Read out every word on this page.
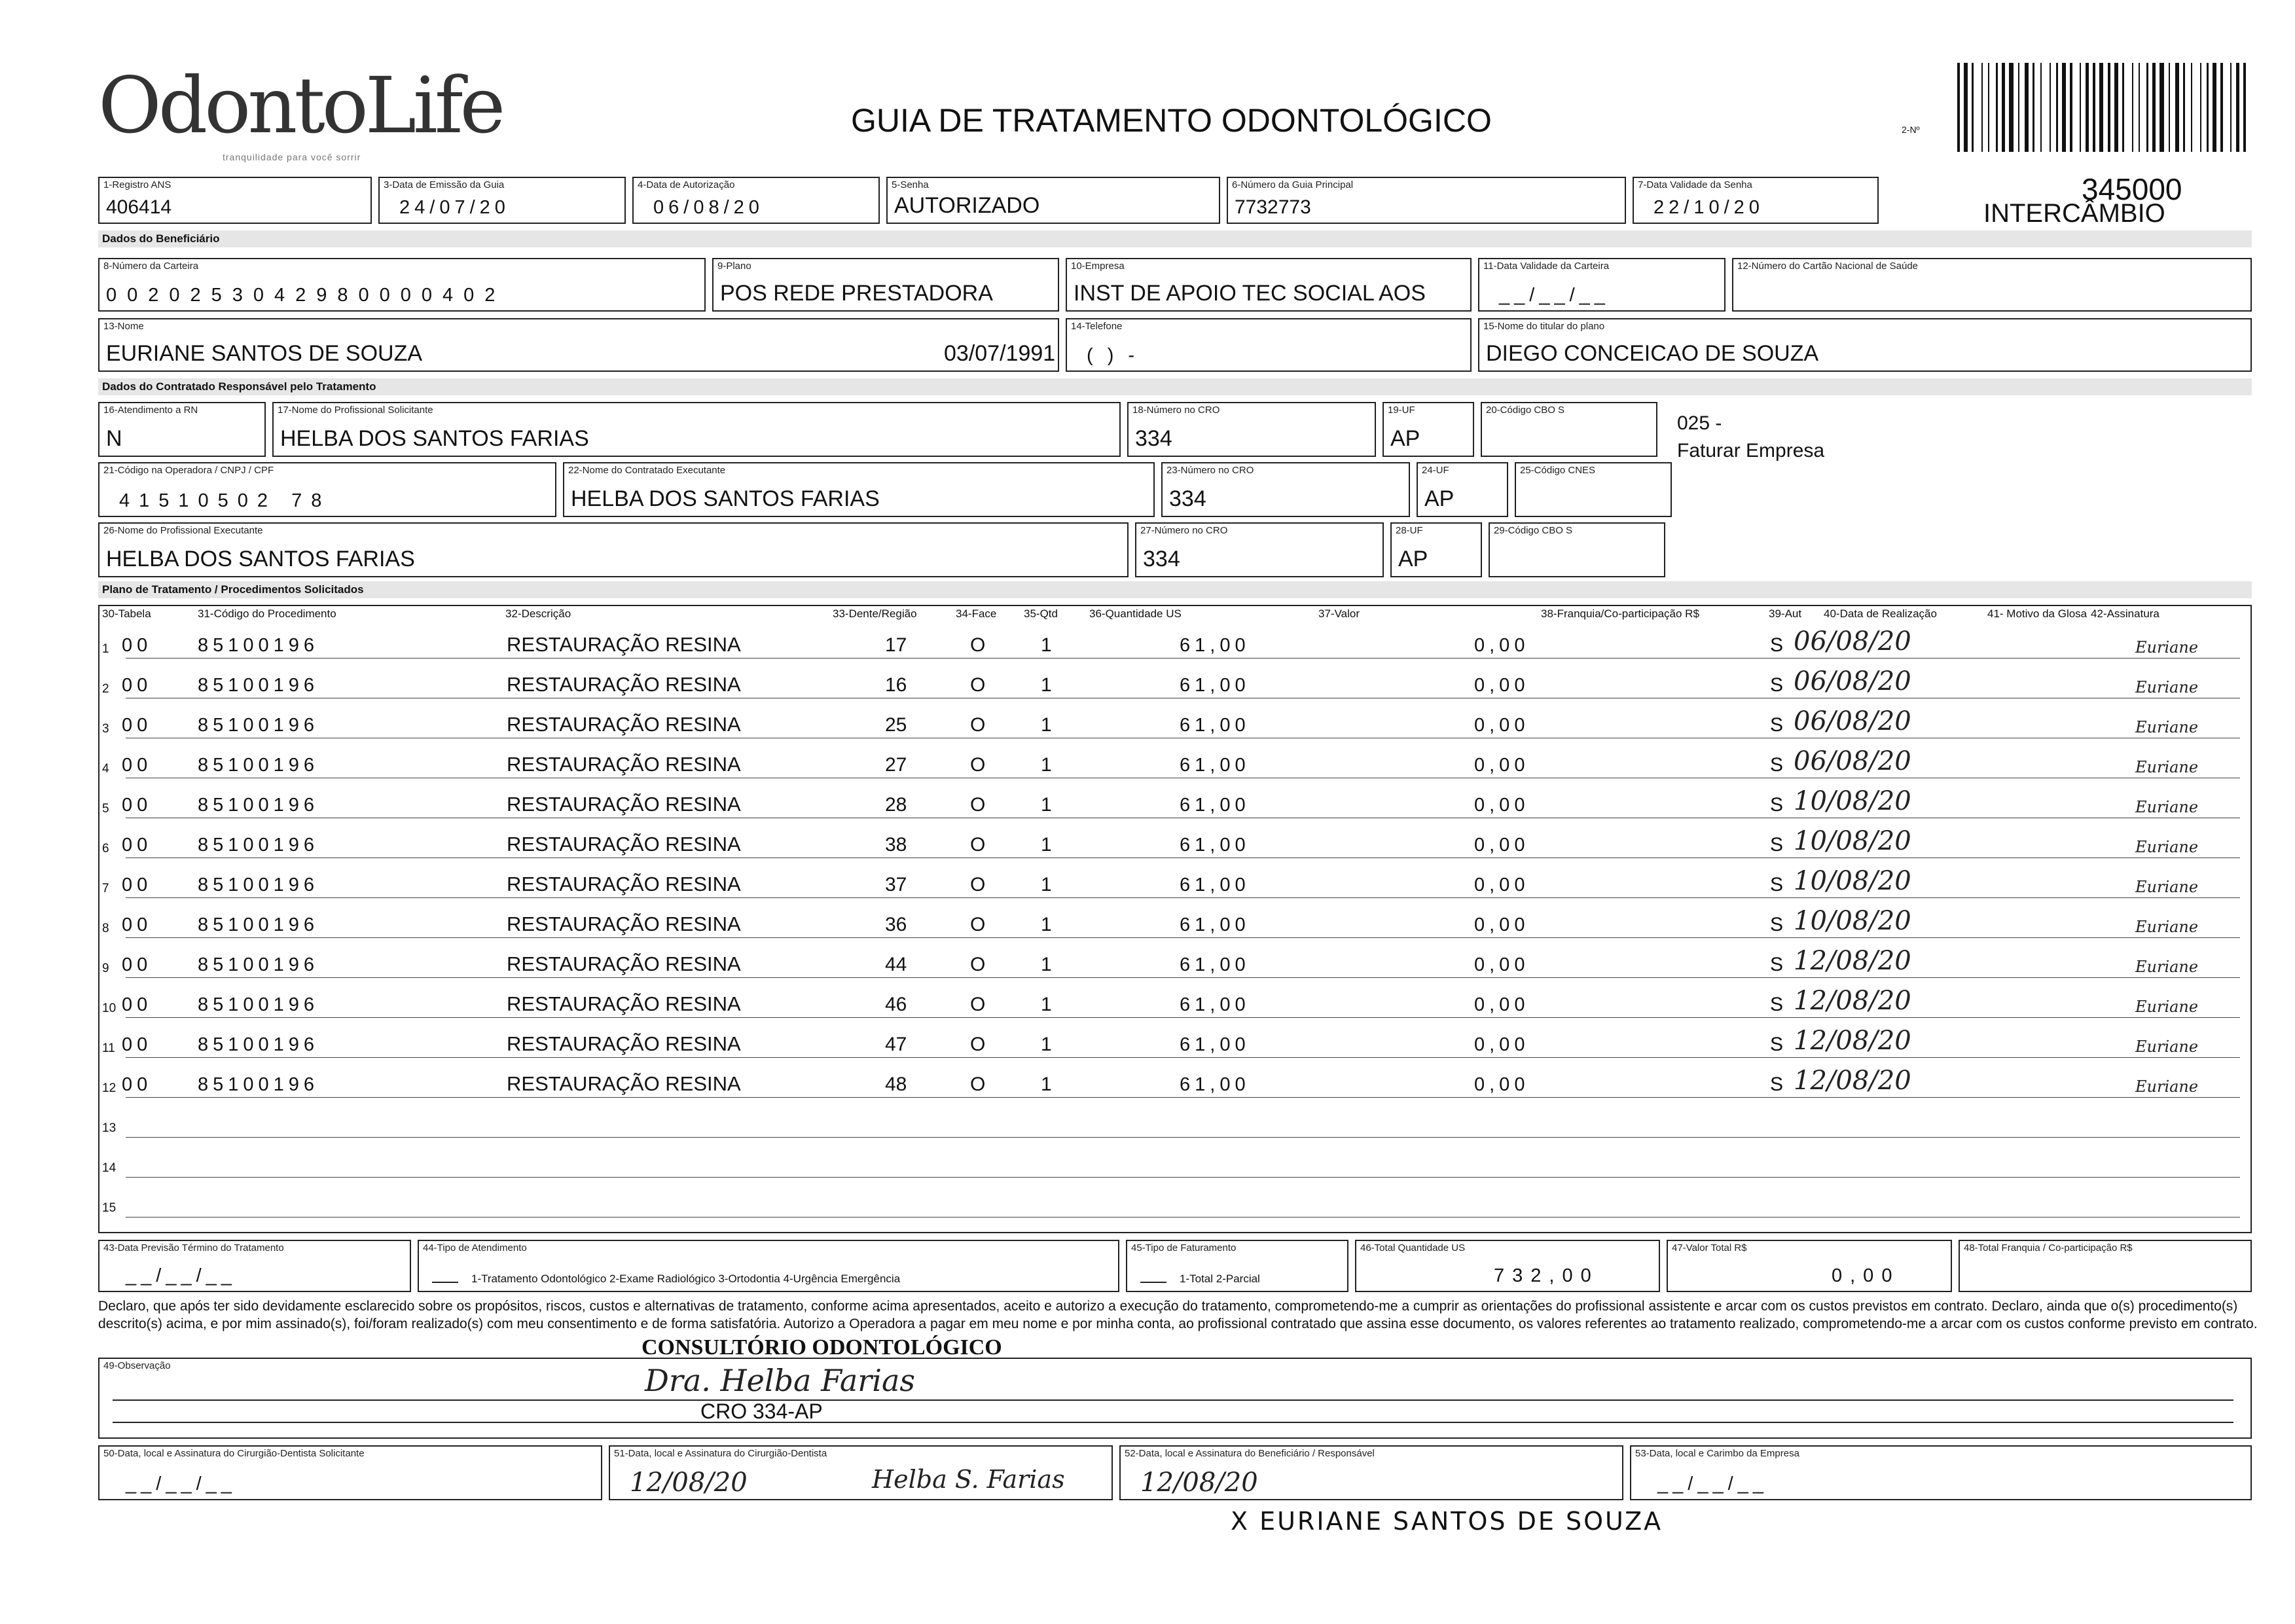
OdontoLife
tranquilidade para você sorrir
GUIA DE TRATAMENTO ODONTOLÓGICO	2-Nº
345000
INTERCÂMBIO
1-Registro ANS
406414
3-Data de Emissão da Guia
24/07/20
4-Data de Autorização
06/08/20
5-Senha
AUTORIZADO
6-Número da Guia Principal
7732773
7-Data Validade da Senha
22/10/20
Dados do Beneficiário
8-Número da Carteira
0020253042980000402
9-Plano
POS REDE PRESTADORA
10-Empresa
INST DE APOIO TEC SOCIAL AOS
11-Data Validade da Carteira
__/__/__
12-Número do Cartão Nacional de Saúde
13-Nome
EURIANE SANTOS DE SOUZA	03/07/1991
14-Telefone
( ) -
15-Nome do titular do plano
DIEGO CONCEICAO DE SOUZA
Dados do Contratado Responsável pelo Tratamento
16-Atendimento a RN
N
17-Nome do Profissional Solicitante
HELBA DOS SANTOS FARIAS
18-Número no CRO
334
19-UF
AP
20-Código CBO S
025 -
Faturar Empresa
21-Código na Operadora / CNPJ / CPF
41510502 78
22-Nome do Contratado Executante
HELBA DOS SANTOS FARIAS
23-Número no CRO
334
24-UF
AP
25-Código CNES
26-Nome do Profissional Executante
HELBA DOS SANTOS FARIAS
27-Número no CRO
334
28-UF
AP
29-Código CBO S
Plano de Tratamento / Procedimentos Solicitados
30-Tabela	31-Código do Procedimento	32-Descrição	33-Dente/Região	34-Face 35-Qtd	36-Quantidade US	37-Valor	38-Franquia/Co-participação R$	39-Aut 40-Data de Realização	41- Motivo da Glosa 42-Assinatura
1 00 85100196	RESTAURAÇÃO RESINA	17	O	1	61,00	0,00	S 06/08/20	Euriane
2 00 85100196	RESTAURAÇÃO RESINA	16	O	1	61,00	0,00	S 06/08/20	Euriane
3 00 85100196	RESTAURAÇÃO RESINA	25	O	1	61,00	0,00	S 06/08/20	Euriane
4 00 85100196	RESTAURAÇÃO RESINA	27	O	1	61,00	0,00	S 06/08/20	Euriane
5 00 85100196	RESTAURAÇÃO RESINA	28	O	1	61,00	0,00	S 10/08/20	Euriane
6 00 85100196	RESTAURAÇÃO RESINA	38	O	1	61,00	0,00	S 10/08/20	Euriane
7 00 85100196	RESTAURAÇÃO RESINA	37	O	1	61,00	0,00	S 10/08/20	Euriane
8 00 85100196	RESTAURAÇÃO RESINA	36	O	1	61,00	0,00	S 10/08/20	Euriane
9 00 85100196	RESTAURAÇÃO RESINA	44	O	1	61,00	0,00	S 12/08/20	Euriane
10 00 85100196	RESTAURAÇÃO RESINA	46	O	1	61,00	0,00	S 12/08/20	Euriane
11 00 85100196	RESTAURAÇÃO RESINA	47	O	1	61,00	0,00	S 12/08/20	Euriane
12 00 85100196	RESTAURAÇÃO RESINA	48	O	1	61,00	0,00	S 12/08/20	Euriane
13
14
15
43-Data Previsão Término do Tratamento
__/__/__
44-Tipo de Atendimento
1-Tratamento Odontológico 2-Exame Radiológico 3-Ortodontia 4-Urgência Emergência
45-Tipo de Faturamento
1-Total 2-Parcial
46-Total Quantidade US
732,00
47-Valor Total R$
0,00
48-Total Franquia / Co-participação R$
Declaro, que após ter sido devidamente esclarecido sobre os propósitos, riscos, custos e alternativas de tratamento, conforme acima apresentados, aceito e autorizo a execução do tratamento, comprometendo-me a cumprir as orientações do profissional assistente e arcar com os custos previstos em contrato. Declaro, ainda que o(s) procedimento(s) descrito(s) acima, e por mim assinado(s), foi/foram realizado(s) com meu consentimento e de forma satisfatória. Autorizo a Operadora a pagar em meu nome e por minha conta, ao profissional contratado que assina esse documento, os valores referentes ao tratamento realizado, comprometendo-me a arcar com os custos conforme previsto em contrato.
49-Observação
CONSULTÓRIO ODONTOLÓGICO
Dra. Helba Farias
CRO 334-AP
50-Data, local e Assinatura do Cirurgião-Dentista Solicitante
__/__/__
51-Data, local e Assinatura do Cirurgião-Dentista
12/08/20	Helba S. Farias
52-Data, local e Assinatura do Beneficiário / Responsável
12/08/20
53-Data, local e Carimbo da Empresa
__/__/__
X EURIANE SANTOS DE SOUZA
